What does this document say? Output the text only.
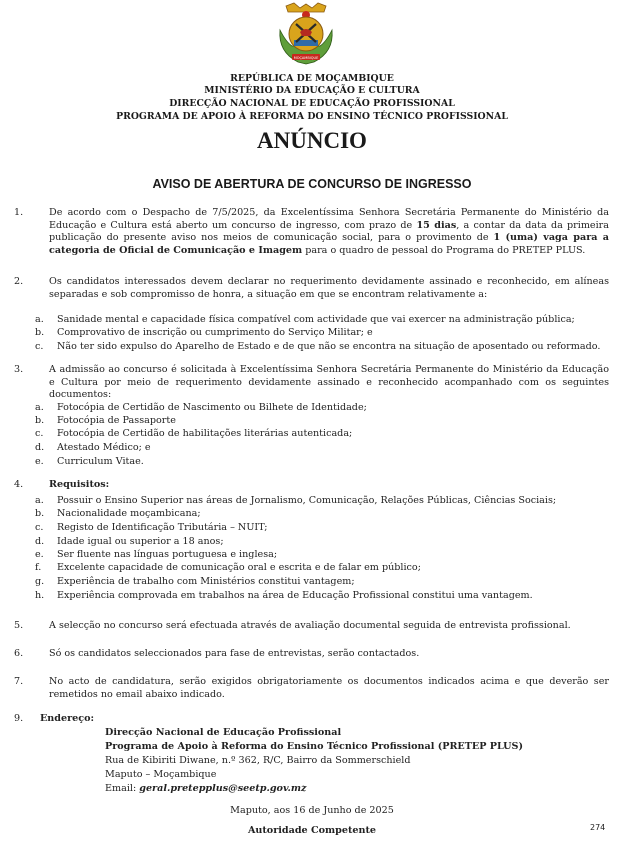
MOÇAMBIQUE
REPÚBLICA DE MOÇAMBIQUE
MINISTÉRIO DA EDUCAÇÃO E CULTURA
DIRECÇÃO NACIONAL DE EDUCAÇÃO PROFISSIONAL
PROGRAMA DE APOIO À REFORMA DO ENSINO TÉCNICO PROFISSIONAL
ANÚNCIO
AVISO DE ABERTURA DE CONCURSO DE INGRESSO
1.	De acordo com o Despacho de 7/5/2025, da Excelentíssima Senhora Secretária Permanente do Ministério da Educação e Cultura está aberto um concurso de ingresso, com prazo de 15 dias, a contar da data da primeira publicação do presente aviso nos meios de comunicação social, para o provimento de 1 (uma) vaga para a categoria de Oficial de Comunicação e Imagem para o quadro de pessoal do Programa do PRETEP PLUS.
2.	Os candidatos interessados devem declarar no requerimento devidamente assinado e reconhecido, em alíneas separadas e sob compromisso de honra, a situação em que se encontram relativamente a:
a. Sanidade mental e capacidade física compatível com actividade que vai exercer na administração pública;
b. Comprovativo de inscrição ou cumprimento do Serviço Militar; e
c. Não ter sido expulso do Aparelho de Estado e de que não se encontra na situação de aposentado ou reformado.
3.	A admissão ao concurso é solicitada à Excelentíssima Senhora Secretária Permanente do Ministério da Educação e Cultura por meio de requerimento devidamente assinado e reconhecido acompanhado com os seguintes documentos:
a. Fotocópia de Certidão de Nascimento ou Bilhete de Identidade;
b. Fotocópia de Passaporte
c. Fotocópia de Certidão de habilitações literárias autenticada;
d. Atestado Médico; e
e. Curriculum Vitae.
4.	Requisitos:
a. Possuir o Ensino Superior nas áreas de Jornalismo, Comunicação, Relações Públicas, Ciências Sociais;
b. Nacionalidade moçambicana;
c. Registo de Identificação Tributária – NUIT;
d. Idade igual ou superior a 18 anos;
e. Ser fluente nas línguas portuguesa e inglesa;
f. Excelente capacidade de comunicação oral e escrita e de falar em público;
g. Experiência de trabalho com Ministérios constitui vantagem;
h. Experiência comprovada em trabalhos na área de Educação Profissional constitui uma vantagem.
5.	A selecção no concurso será efectuada através de avaliação documental seguida de entrevista profissional.
6.	Só os candidatos seleccionados para fase de entrevistas, serão contactados.
7.	No acto de candidatura, serão exigidos obrigatoriamente os documentos indicados acima e que deverão ser remetidos no email abaixo indicado.
9. Endereço:
Direcção Nacional de Educação Profissional
Programa de Apoio à Reforma do Ensino Técnico Profissional (PRETEP PLUS)
Rua de Kibiriti Diwane, n.º 362, R/C, Bairro da Sommerschield
Maputo – Moçambique
Email: geral.pretepplus@seetp.gov.mz
Maputo, aos 16 de Junho de 2025
Autoridade Competente	274
